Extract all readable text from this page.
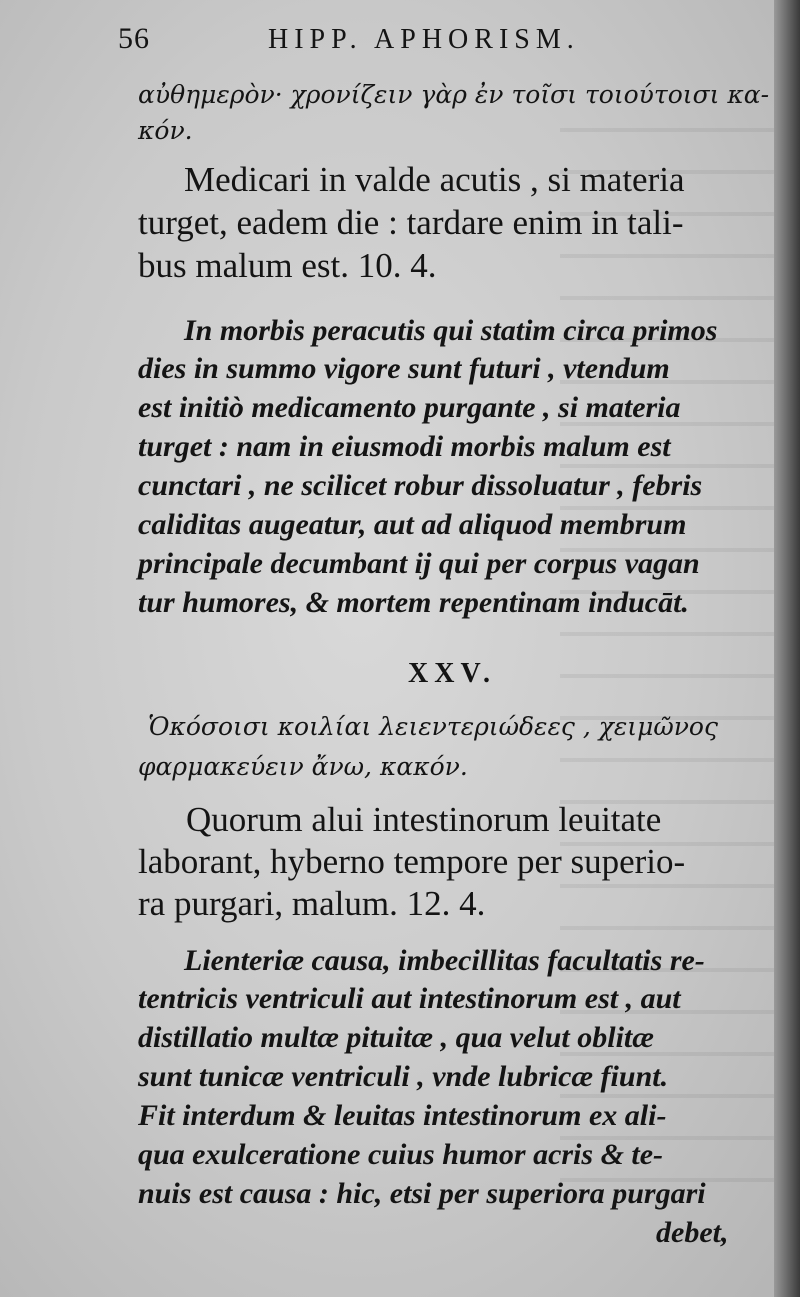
56	HIPP. APHORISM.
αὐθημερὸν· χρονίζειν γὰρ ἐν τοῖσι τοιούτοισι κα-
κόν.
Medicari in valde acutis , si materia
turget, eadem die : tardare enim in tali-
bus malum est. 10. 4.
In morbis peracutis qui statim circa primos
dies in summo vigore sunt futuri , vtendum
est initiò medicamento purgante , si materia
turget : nam in eiusmodi morbis malum est
cunctari , ne scilicet robur dissoluatur , febris
caliditas augeatur, aut ad aliquod membrum
principale decumbant ij qui per corpus vagan
tur humores, & mortem repentinam inducāt.
XXV.
Ὁκόσοισι κοιλίαι λειεντεριώδεες , χειμῶνος
φαρμακεύειν ἄνω, κακόν.
Quorum alui intestinorum leuitate
laborant, hyberno tempore per superio-
ra purgari, malum. 12. 4.
Lienteriæ causa, imbecillitas facultatis re-
tentricis ventriculi aut intestinorum est , aut
distillatio multæ pituitæ , qua velut oblitæ
sunt tunicæ ventriculi , vnde lubricæ fiunt.
Fit interdum & leuitas intestinorum ex ali-
qua exulceratione cuius humor acris & te-
nuis est causa : hic, etsi per superiora purgari
debet,
